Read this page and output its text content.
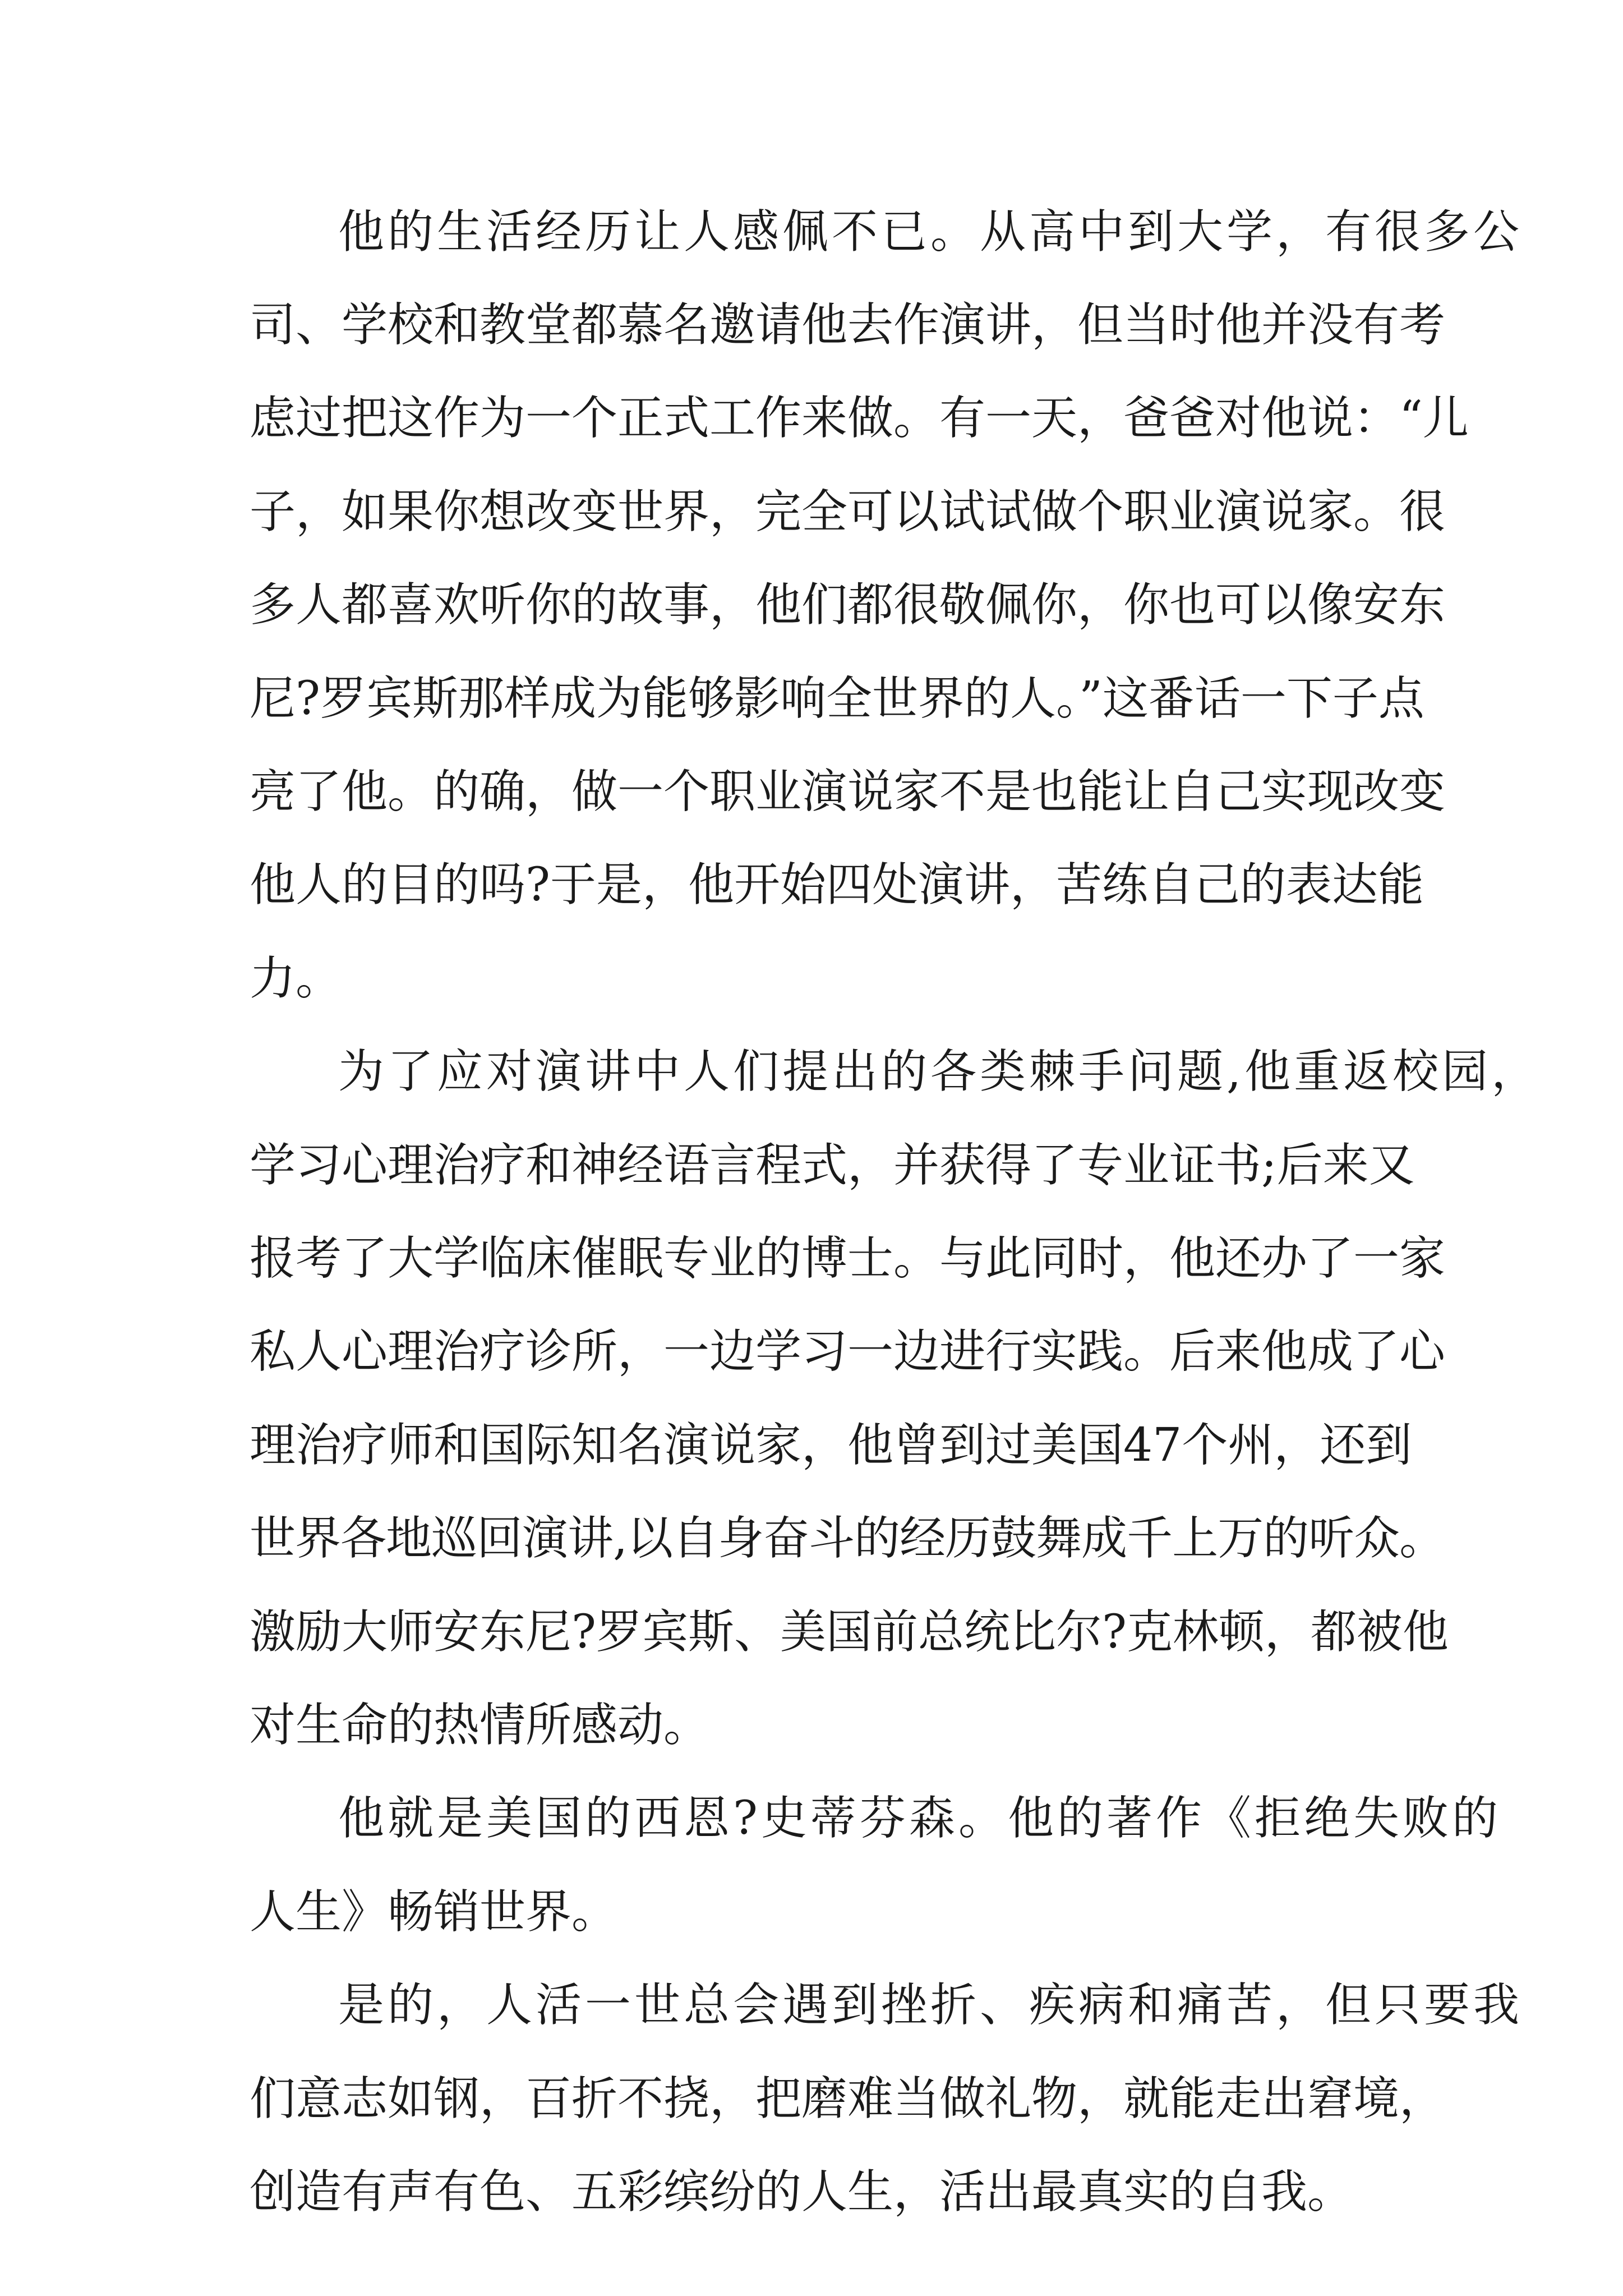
他的生活经历让人感佩不已。从高中到大学，有很多公

司、学校和教堂都慕名邀请他去作演讲，但当时他并没有考

虑过把这作为一个正式工作来做。有一天，爸爸对他说：“儿

子，如果你想改变世界，完全可以试试做个职业演说家。很

多人都喜欢听你的故事，他们都很敬佩你，你也可以像安东

尼?罗宾斯那样成为能够影响全世界的人。”这番话一下子点

亮了他。的确，做一个职业演说家不是也能让自己实现改变

他人的目的吗?于是，他开始四处演讲，苦练自己的表达能

力。

为了应对演讲中人们提出的各类棘手问题,他重返校园，

学习心理治疗和神经语言程式，并获得了专业证书;后来又

报考了大学临床催眠专业的博士。与此同时，他还办了一家

私人心理治疗诊所，一边学习一边进行实践。后来他成了心

理治疗师和国际知名演说家，他曾到过美国47个州，还到

世界各地巡回演讲,以自身奋斗的经历鼓舞成千上万的听众。

激励大师安东尼?罗宾斯、美国前总统比尔?克林顿，都被他

对生命的热情所感动。

他就是美国的西恩?史蒂芬森。他的著作《拒绝失败的

人生》畅销世界。

是的，人活一世总会遇到挫折、疾病和痛苦，但只要我

们意志如钢，百折不挠，把磨难当做礼物，就能走出窘境，

创造有声有色、五彩缤纷的人生，活出最真实的自我。
